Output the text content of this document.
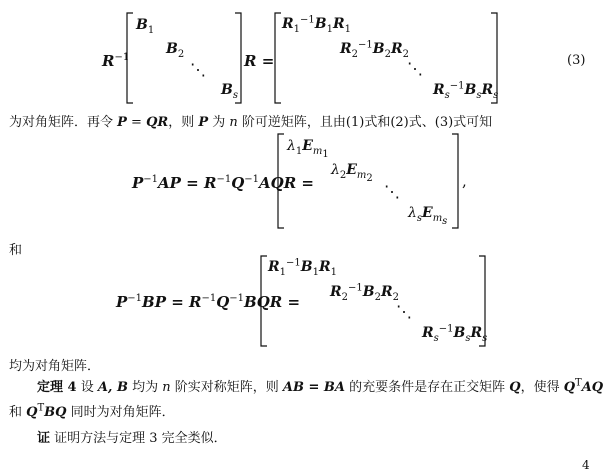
$R^{-1}$
$B_1$
$B_2$
⋱
$B_s$
R =
$R_1^{-1}B_1R_1$
$R_2^{-1}B_2R_2$
⋱
$R_s^{-1}B_sR_s$
(3)
为对角矩阵．再令 P = QR，则 P 为 n 阶可逆矩阵，且由(1)式和(2)式、(3)式可知
$P^{-1}AP = R^{-1}Q^{-1}AQR$ =
$\lambda_1E_{m_1}$
$\lambda_2E_{m_2}$
⋱
$\lambda_sE_{m_s}$
,
和
$P^{-1}BP = R^{-1}Q^{-1}BQR$ =
$R_1^{-1}B_1R_1$
$R_2^{-1}B_2R_2$
⋱
$R_s^{-1}B_sR_s$
均为对角矩阵．
定理 4 设 A, B 均为 n 阶实对称矩阵，则 AB = BA 的充要条件是存在正交矩阵 Q，使得 $Q^TAQ$
和 $Q^TBQ$ 同时为对角矩阵．
证 证明方法与定理 3 完全类似．
4
